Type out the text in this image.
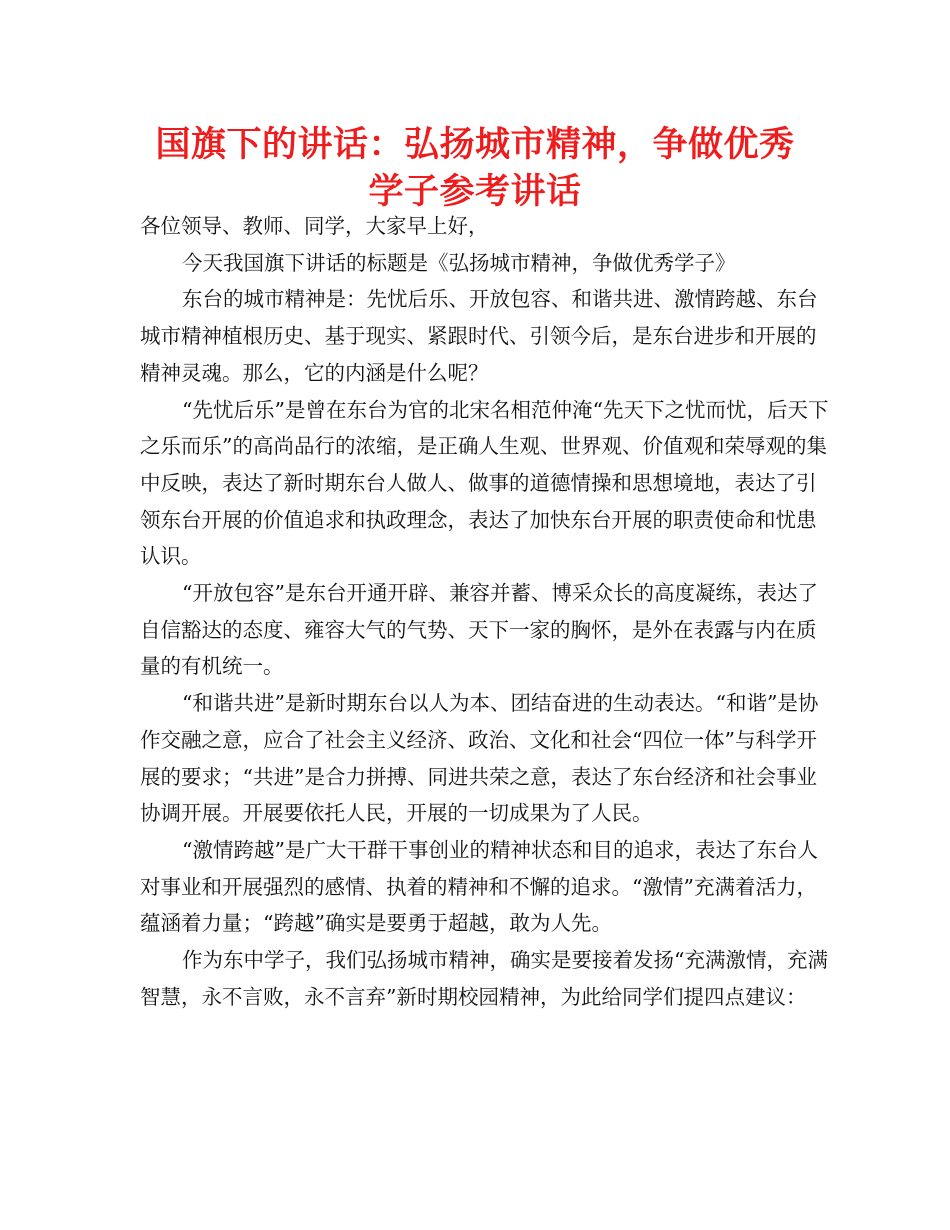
国旗下的讲话：弘扬城市精神，争做优秀学子参考讲话

各位领导、教师、同学，大家早上好，

今天我国旗下讲话的标题是《弘扬城市精神，争做优秀学子》

东台的城市精神是：先忧后乐、开放包容、和谐共进、激情跨越、东台城市精神植根历史、基于现实、紧跟时代、引领今后，是东台进步和开展的精神灵魂。那么，它的内涵是什么呢？

“先忧后乐”是曾在东台为官的北宋名相范仲淹“先天下之忧而忧，后天下之乐而乐”的高尚品行的浓缩，是正确人生观、世界观、价值观和荣辱观的集中反映，表达了新时期东台人做人、做事的道德情操和思想境地，表达了引领东台开展的价值追求和执政理念，表达了加快东台开展的职责使命和忧患认识。

“开放包容”是东台开通开辟、兼容并蓄、博采众长的高度凝练，表达了自信豁达的态度、雍容大气的气势、天下一家的胸怀，是外在表露与内在质量的有机统一。

“和谐共进”是新时期东台以人为本、团结奋进的生动表达。“和谐”是协作交融之意，应合了社会主义经济、政治、文化和社会“四位一体”与科学开展的要求；“共进”是合力拼搏、同进共荣之意，表达了东台经济和社会事业协调开展。开展要依托人民，开展的一切成果为了人民。

“激情跨越”是广大干群干事创业的精神状态和目的追求，表达了东台人对事业和开展强烈的感情、执着的精神和不懈的追求。“激情”充满着活力，蕴涵着力量；“跨越”确实是要勇于超越，敢为人先。

作为东中学子，我们弘扬城市精神，确实是要接着发扬“充满激情，充满智慧，永不言败，永不言弃”新时期校园精神，为此给同学们提四点建议：
